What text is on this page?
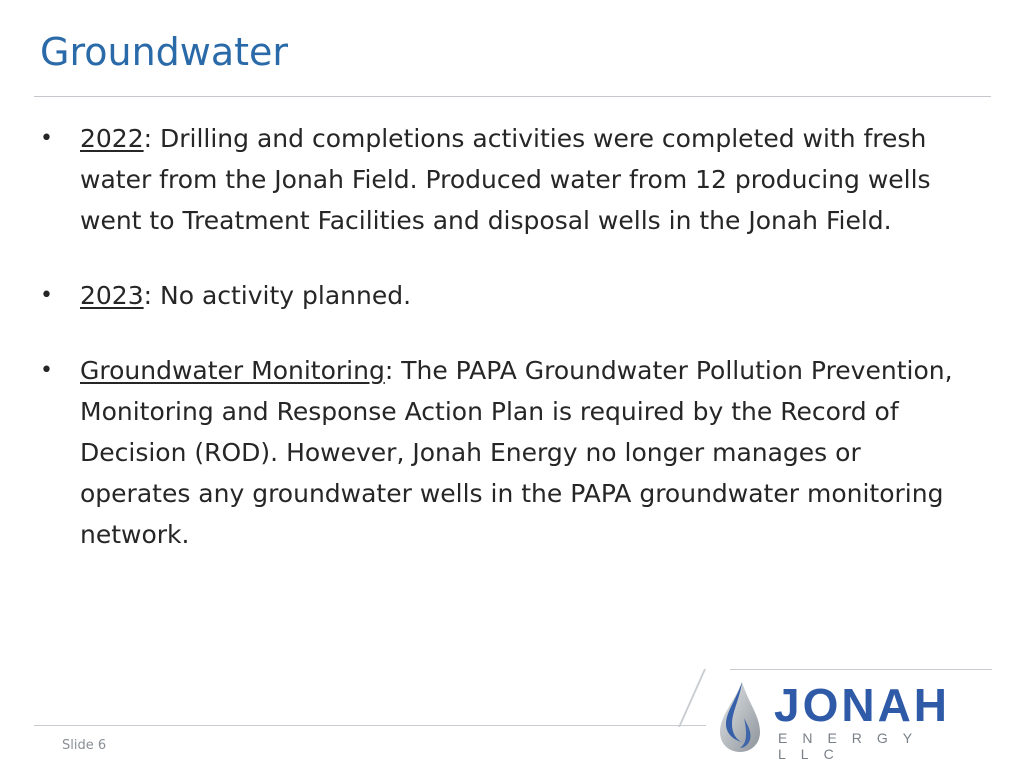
Groundwater
• 2022: Drilling and completions activities were completed with fresh water from the Jonah Field. Produced water from 12 producing wells went to Treatment Facilities and disposal wells in the Jonah Field.
• 2023: No activity planned.
• Groundwater Monitoring: The PAPA Groundwater Pollution Prevention, Monitoring and Response Action Plan is required by the Record of Decision (ROD). However, Jonah Energy no longer manages or operates any groundwater wells in the PAPA groundwater monitoring network.
Slide 6
JONAH
ENERGY LLC
